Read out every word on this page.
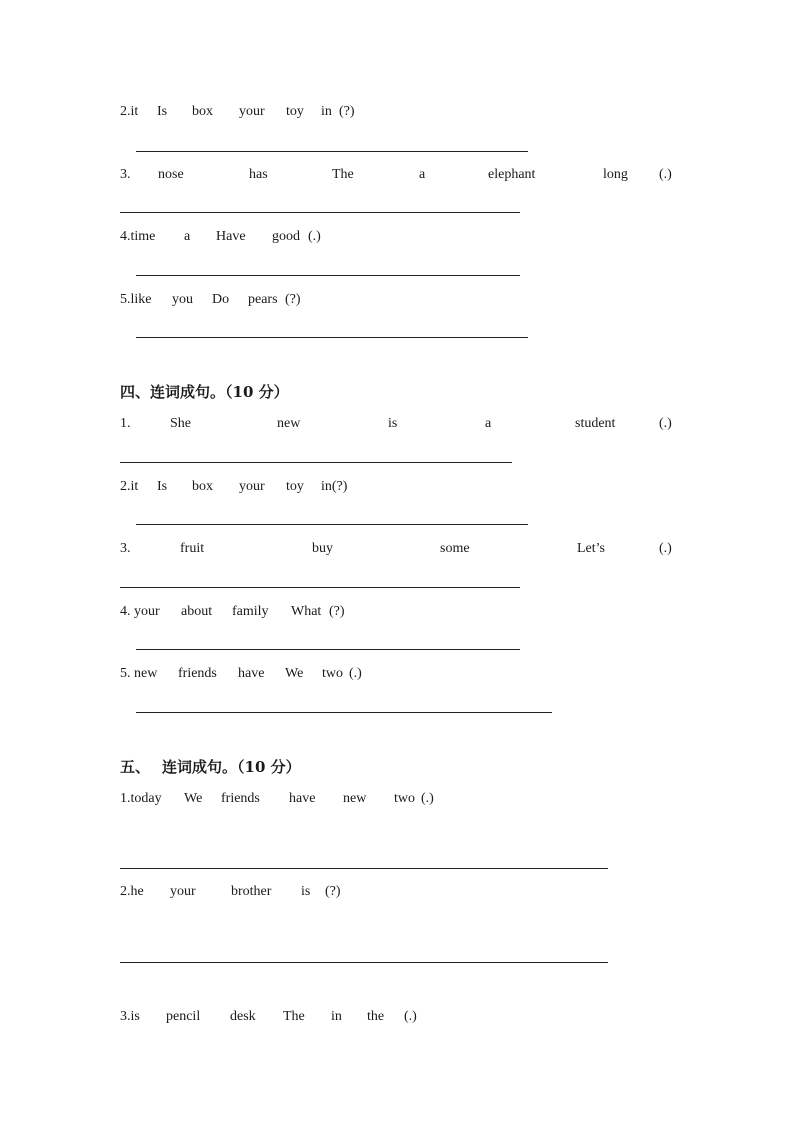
2.it Is box your toy in (?)
3. nose	has	The	a	elephant	long (.)
4.time a Have good (.)
5.like you Do pears (?)
四、连词成句。（10 分）
1.	She	new	is	a	student	(.)
2.it Is box your toy in(?)
3.	fruit	buy	some	Let’s	(.)
4. your about family What (?)
5. new friends have We two (.)
五、 连词成句。（10 分）
1.today We friends have new two (.)
2.he your	brother is (?)
3.is pencil desk The in the (.)
